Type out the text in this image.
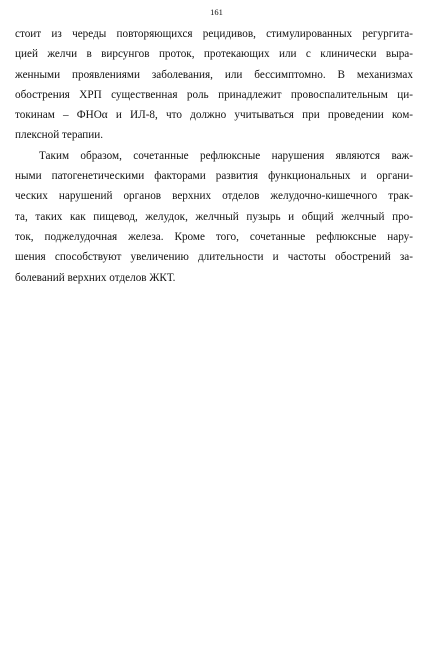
161
стоит из череды повторяющихся рецидивов, стимулированных регургита-
цией желчи в вирсунгов проток, протекающих или с клинически выра-
женными проявлениями заболевания, или бессимптомно. В механизмах
обострения ХРП существенная роль принадлежит провоспалительным ци-
токинам – ФНОα и ИЛ-8, что должно учитываться при проведении ком-
плексной терапии.
Таким образом, сочетанные рефлюксные нарушения являются важ-
ными патогенетическими факторами развития функциональных и органи-
ческих нарушений органов верхних отделов желудочно-кишечного трак-
та, таких как пищевод, желудок, желчный пузырь и общий желчный про-
ток, поджелудочная железа. Кроме того, сочетанные рефлюксные нару-
шения способствуют увеличению длительности и частоты обострений за-
болеваний верхних отделов ЖКТ.
